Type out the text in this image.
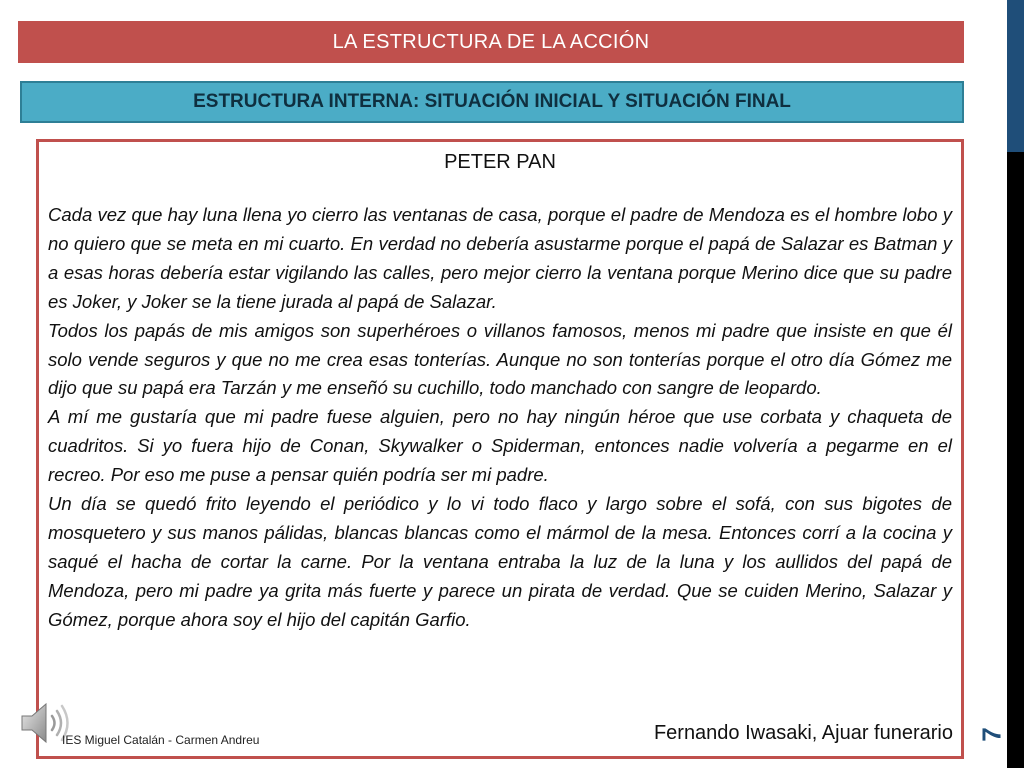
LA ESTRUCTURA DE LA ACCIÓN
ESTRUCTURA INTERNA: SITUACIÓN INICIAL Y SITUACIÓN FINAL
PETER PAN

Cada vez que hay luna llena yo cierro las ventanas de casa, porque el padre de Mendoza es el hombre lobo y no quiero que se meta en mi cuarto. En verdad no debería asustarme porque el papá de Salazar es Batman y a esas horas debería estar vigilando las calles, pero mejor cierro la ventana porque Merino dice que su padre es Joker, y Joker se la tiene jurada al papá de Salazar.

Todos los papás de mis amigos son superhéroes o villanos famosos, menos mi padre que insiste en que él solo vende seguros y que no me crea esas tonterías. Aunque no son tonterías porque el otro día Gómez me dijo que su papá era Tarzán y me enseñó su cuchillo, todo manchado con sangre de leopardo.

A mí me gustaría que mi padre fuese alguien, pero no hay ningún héroe que use corbata y chaqueta de cuadritos. Si yo fuera hijo de Conan, Skywalker o Spiderman, entonces nadie volvería a pegarme en el recreo. Por eso me puse a pensar quién podría ser mi padre.

Un día se quedó frito leyendo el periódico y lo vi todo flaco y largo sobre el sofá, con sus bigotes de mosquetero y sus manos pálidas, blancas blancas como el mármol de la mesa. Entonces corrí a la cocina y saqué el hacha de cortar la carne. Por la ventana entraba la luz de la luna y los aullidos del papá de Mendoza, pero mi padre ya grita más fuerte y parece un pirata de verdad. Que se cuiden Merino, Salazar y Gómez, porque ahora soy el hijo del capitán Garfio.

Fernando Iwasaki, Ajuar funerario
IES Miguel Catalán - Carmen Andreu	7
